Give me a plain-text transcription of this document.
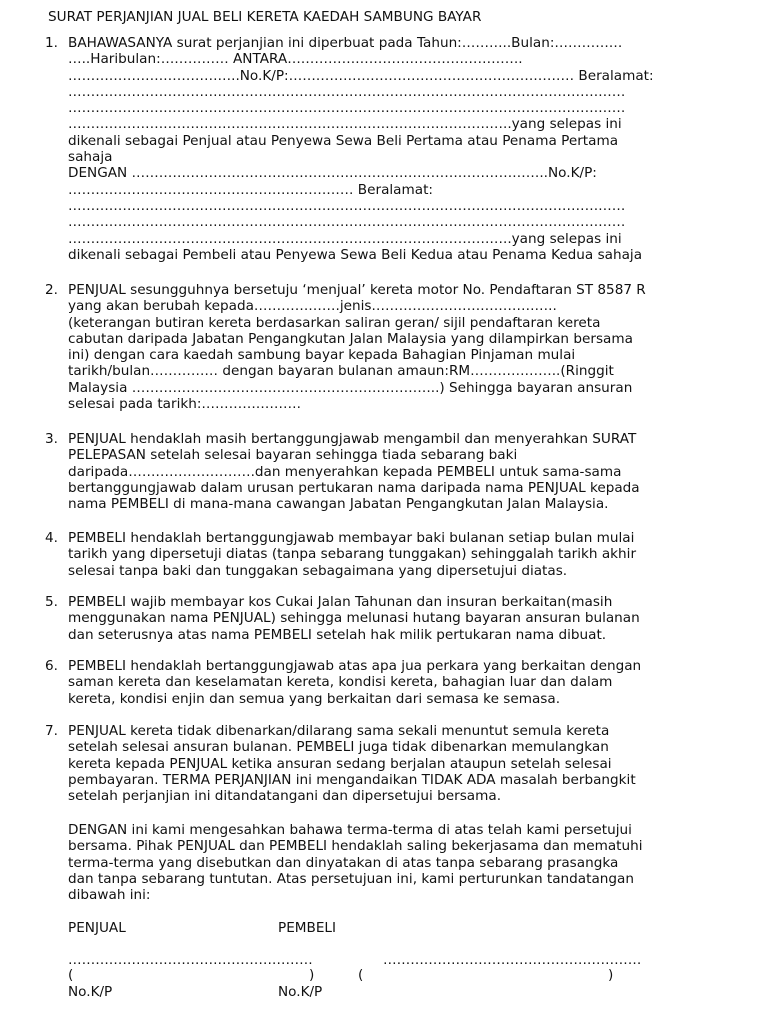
SURAT PERJANJIAN JUAL BELI KERETA KAEDAH SAMBUNG BAYAR
1. BAHAWASANYA surat perjanjian ini diperbuat pada Tahun:………..Bulan:……………
…..Haribulan:…………… ANTARA…………………………………………….
………………………………..No.K/P:……………………………………………………… Beralamat:
……………………………………………………………………………………………………………
……………………………………………………………………………………………………………
……………………………………………………………………………………..yang selepas ini
dikenali sebagai Penjual atau Penyewa Sewa Beli Pertama atau Penama Pertama
sahaja
DENGAN ………………………………………………………………………………..No.K/P:
……………………………………………………… Beralamat:
……………………………………………………………………………………………………………
……………………………………………………………………………………………………………
……………………………………………………………………………………..yang selepas ini
dikenali sebagai Pembeli atau Penyewa Sewa Beli Kedua atau Penama Kedua sahaja
2. PENJUAL sesungguhnya bersetuju ‘menjual’ kereta motor No. Pendaftaran ST 8587 R
yang akan berubah kepada……………….jenis…………………………………..
(keterangan butiran kereta berdasarkan saliran geran/ sijil pendaftaran kereta
cabutan daripada Jabatan Pengangkutan Jalan Malaysia yang dilampirkan bersama
ini) dengan cara kaedah sambung bayar kepada Bahagian Pinjaman mulai
tarikh/bulan…………… dengan bayaran bulanan amaun:RM………………..(Ringgit
Malaysia …………………………………………………………..) Sehingga bayaran ansuran
selesai pada tarikh:………………….
3. PENJUAL hendaklah masih bertanggungjawab mengambil dan menyerahkan SURAT
PELEPASAN setelah selesai bayaran sehingga tiada sebarang baki
daripada……………………….dan menyerahkan kepada PEMBELI untuk sama-sama
bertanggungjawab dalam urusan pertukaran nama daripada nama PENJUAL kepada
nama PEMBELI di mana-mana cawangan Jabatan Pengangkutan Jalan Malaysia.
4. PEMBELI hendaklah bertanggungjawab membayar baki bulanan setiap bulan mulai
tarikh yang dipersetuji diatas (tanpa sebarang tunggakan) sehinggalah tarikh akhir
selesai tanpa baki dan tunggakan sebagaimana yang dipersetujui diatas.
5. PEMBELI wajib membayar kos Cukai Jalan Tahunan dan insuran berkaitan(masih
menggunakan nama PENJUAL) sehingga melunasi hutang bayaran ansuran bulanan
dan seterusnya atas nama PEMBELI setelah hak milik pertukaran nama dibuat.
6. PEMBELI hendaklah bertanggungjawab atas apa jua perkara yang berkaitan dengan
saman kereta dan keselamatan kereta, kondisi kereta, bahagian luar dan dalam
kereta, kondisi enjin dan semua yang berkaitan dari semasa ke semasa.
7. PENJUAL kereta tidak dibenarkan/dilarang sama sekali menuntut semula kereta
setelah selesai ansuran bulanan. PEMBELI juga tidak dibenarkan memulangkan
kereta kepada PENJUAL ketika ansuran sedang berjalan ataupun setelah selesai
pembayaran. TERMA PERJANJIAN ini mengandaikan TIDAK ADA masalah berbangkit
setelah perjanjian ini ditandatangani dan dipersetujui bersama.
DENGAN ini kami mengesahkan bahawa terma-terma di atas telah kami persetujui
bersama. Pihak PENJUAL dan PEMBELI hendaklah saling bekerjasama dan mematuhi
terma-terma yang disebutkan dan dinyatakan di atas tanpa sebarang prasangka
dan tanpa sebarang tuntutan. Atas persetujuan ini, kami perturunkan tandatangan
dibawah ini:
PENJUAL	PEMBELI
………………………………………………	…………………………………………………
(	)	(	)
No.K/P	No.K/P
